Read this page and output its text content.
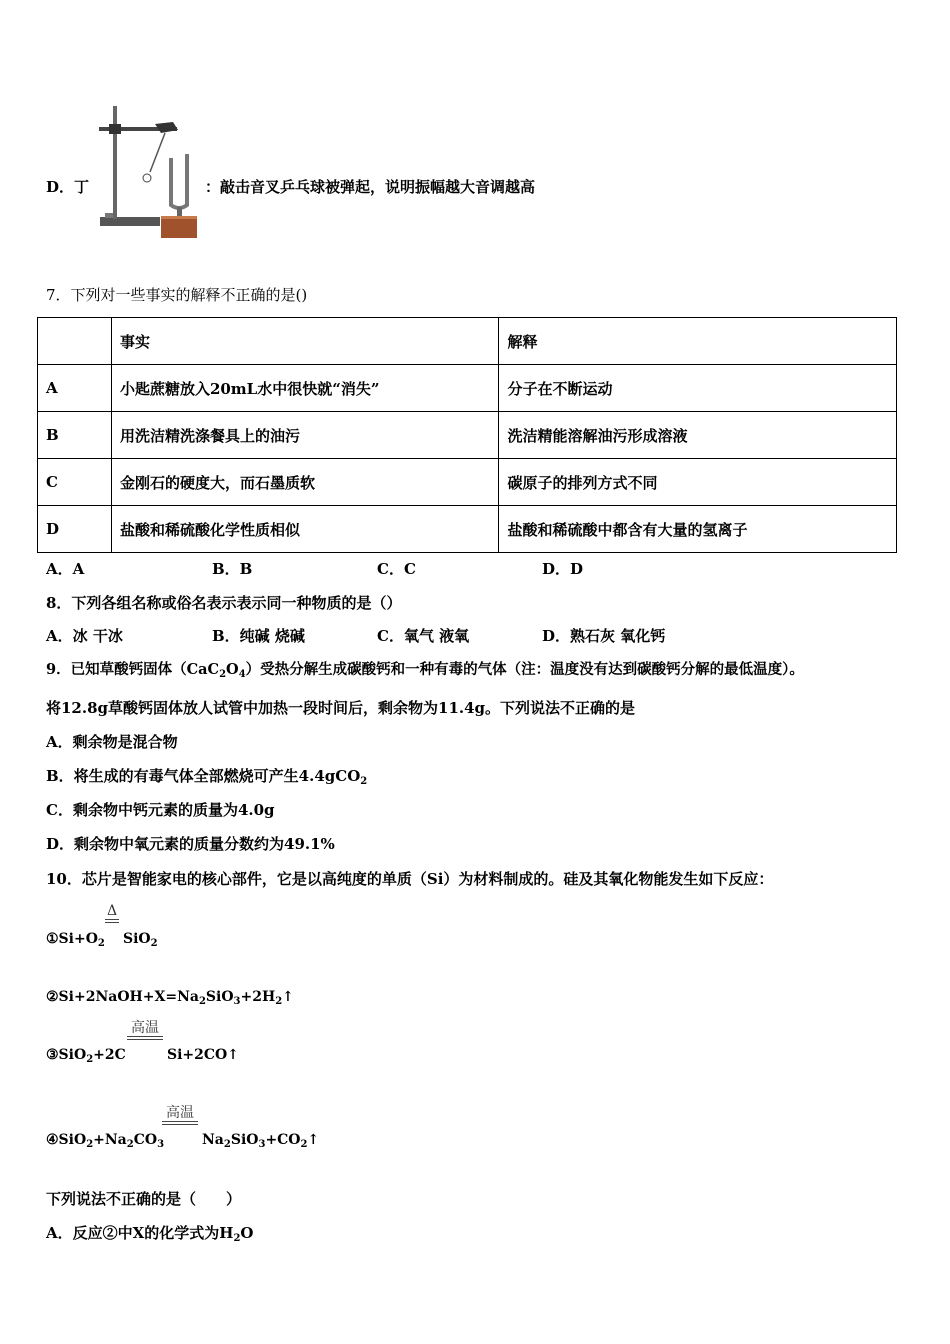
D．丁	：敲击音叉乒乓球被弹起，说明振幅越大音调越高
7．下列对一些事实的解释不正确的是()
	事实	解释
A	小匙蔗糖放入20mL水中很快就“消失”	分子在不断运动
B	用洗洁精洗涤餐具上的油污	洗洁精能溶解油污形成溶液
C	金刚石的硬度大，而石墨质软	碳原子的排列方式不同
D	盐酸和稀硫酸化学性质相似	盐酸和稀硫酸中都含有大量的氢离子
A．A	B．B	C．C	D．D
8．下列各组名称或俗名表示表示同一种物质的是（）
A．冰 干冰	B．纯碱 烧碱	C．氧气 液氧	D．熟石灰 氧化钙
9．已知草酸钙固体$(CaC_2O_4)$受热分解生成碳酸钙和一种有毒的气体（注：温度没有达到碳酸钙分解的最低温度）。
将12.8g草酸钙固体放人试管中加热一段时间后，剩余物为11.4g。下列说法不正确的是
A．剩余物是混合物
B．将生成的有毒气体全部燃烧可产生4.4gCO$_2$
C．剩余物中钙元素的质量为4.0g
D．剩余物中氧元素的质量分数约为49.1%
10．芯片是智能家电的核心部件，它是以高纯度的单质（Si）为材料制成的。硅及其氧化物能发生如下反应：
$①Si+O_2$
Δ
SiO$_2$
$②Si+2NaOH+X=Na_2SiO_3+2H_2↑$
③SiO$_2$+2C
高温
Si+2CO↑
$④SiO_2+Na_2CO_3$
高温
$Na_2SiO_3+CO_2↑$
下列说法不正确的是（　　）
A．反应②中X的化学式为$H_2O$
